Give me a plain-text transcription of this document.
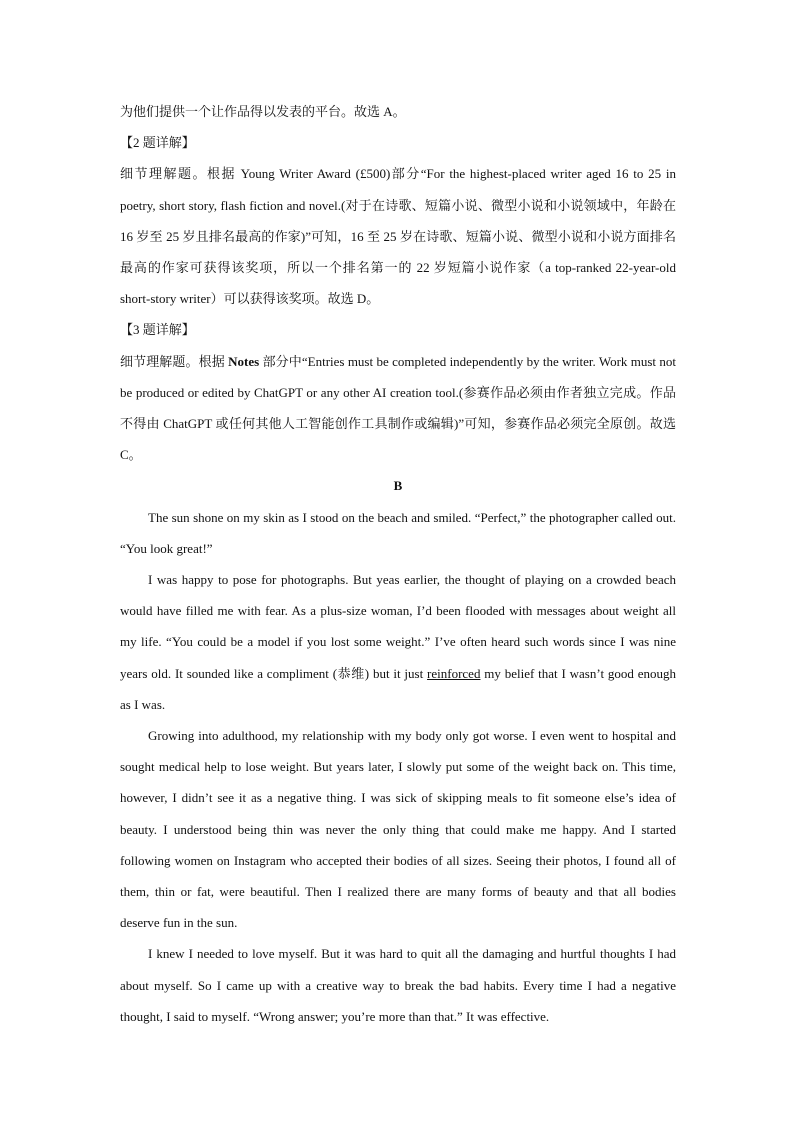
为他们提供一个让作品得以发表的平台。故选 A。

【2 题详解】

细节理解题。根据 Young Writer Award (£500)部分“For the highest-placed writer aged 16 to 25 in poetry, short story, flash fiction and novel.(对于在诗歌、短篇小说、微型小说和小说领域中，年龄在 16 岁至 25 岁且排名最高的作家)”可知，16 至 25 岁在诗歌、短篇小说、微型小说和小说方面排名最高的作家可获得该奖项，所以一个排名第一的 22 岁短篇小说作家（a top-ranked 22-year-old short-story writer）可以获得该奖项。故选 D。

【3 题详解】

细节理解题。根据 Notes 部分中“Entries must be completed independently by the writer. Work must not be produced or edited by ChatGPT or any other AI creation tool.(参赛作品必须由作者独立完成。作品不得由 ChatGPT 或任何其他人工智能创作工具制作或编辑)”可知，参赛作品必须完全原创。故选 C。

B

The sun shone on my skin as I stood on the beach and smiled. “Perfect,” the photographer called out. “You look great!”

I was happy to pose for photographs. But yeas earlier, the thought of playing on a crowded beach would have filled me with fear. As a plus-size woman, I’d been flooded with messages about weight all my life. “You could be a model if you lost some weight.” I’ve often heard such words since I was nine years old. It sounded like a compliment (恭维) but it just reinforced my belief that I wasn’t good enough as I was.

Growing into adulthood, my relationship with my body only got worse. I even went to hospital and sought medical help to lose weight. But years later, I slowly put some of the weight back on. This time, however, I didn’t see it as a negative thing. I was sick of skipping meals to fit someone else’s idea of beauty. I understood being thin was never the only thing that could make me happy. And I started following women on Instagram who accepted their bodies of all sizes. Seeing their photos, I found all of them, thin or fat, were beautiful. Then I realized there are many forms of beauty and that all bodies deserve fun in the sun.

I knew I needed to love myself. But it was hard to quit all the damaging and hurtful thoughts I had about myself. So I came up with a creative way to break the bad habits. Every time I had a negative thought, I said to myself. “Wrong answer; you’re more than that.” It was effective.
